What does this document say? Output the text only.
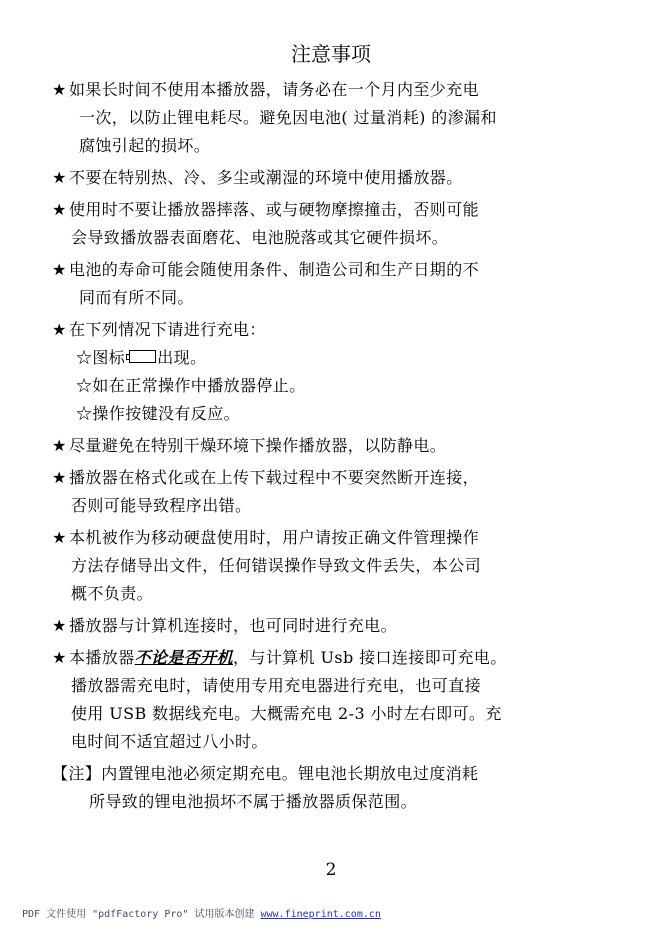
注意事项
★ 如果长时间不使用本播放器，请务必在一个月内至少充电
一次，以防止锂电耗尽。避免因电池( 过量消耗) 的渗漏和
腐蚀引起的损坏。
★ 不要在特别热、冷、多尘或潮湿的环境中使用播放器。
★ 使用时不要让播放器摔落、或与硬物摩擦撞击，否则可能
会导致播放器表面磨花、电池脱落或其它硬件损坏。
★ 电池的寿命可能会随使用条件、制造公司和生产日期的不
同而有所不同。
★ 在下列情况下请进行充电：
☆图标 出现。
☆如在正常操作中播放器停止。
☆操作按键没有反应。
★ 尽量避免在特别干燥环境下操作播放器，以防静电。
★ 播放器在格式化或在上传下载过程中不要突然断开连接，
否则可能导致程序出错。
★ 本机被作为移动硬盘使用时，用户请按正确文件管理操作
方法存储导出文件，任何错误操作导致文件丢失，本公司
概不负责。
★ 播放器与计算机连接时，也可同时进行充电。
★ 本播放器不论是否开机，与计算机 Usb 接口连接即可充电。
播放器需充电时，请使用专用充电器进行充电，也可直接
使用 USB 数据线充电。大概需充电 2-3 小时左右即可。充
电时间不适宜超过八小时。
【注】内置锂电池必须定期充电。锂电池长期放电过度消耗
所导致的锂电池损坏不属于播放器质保范围。
2
PDF 文件使用 "pdfFactory Pro" 试用版本创建 www.fineprint.com.cn
